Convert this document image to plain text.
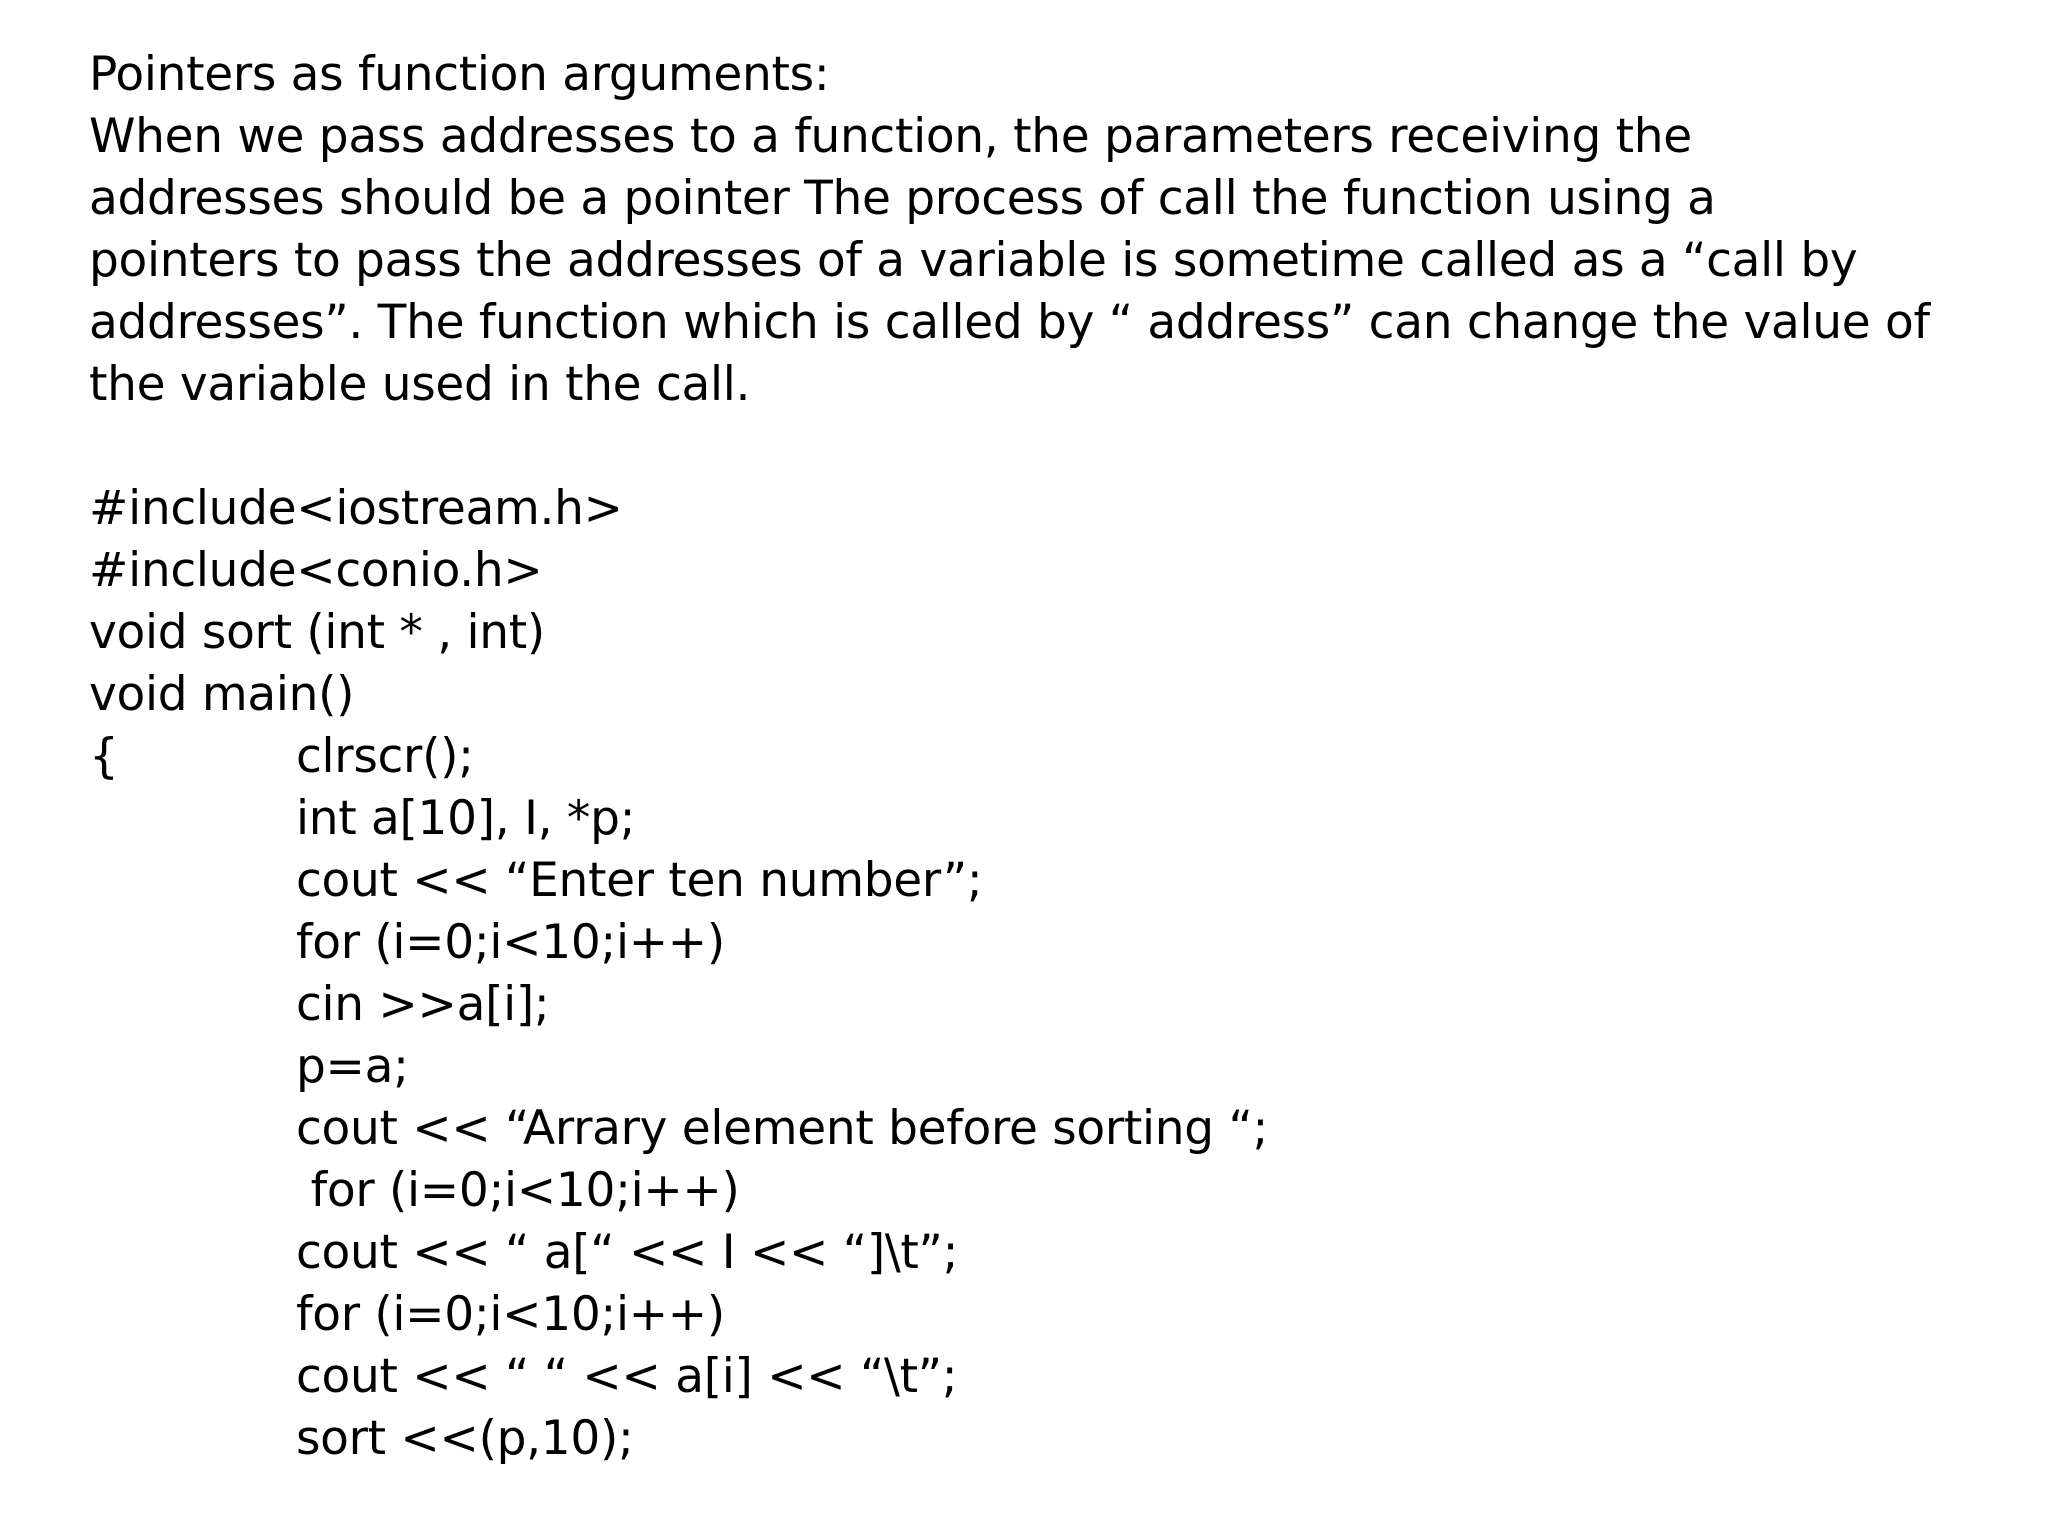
Pointers as function arguments:
When we pass addresses to a function, the parameters receiving the
addresses should be a pointer The process of call the function using a
pointers to pass the addresses of a variable is sometime called as a “call by
addresses”. The function which is called by “ address” can change the value of
the variable used in the call.
#include<iostream.h>
#include<conio.h>
void sort (int * , int)
void main()
{	clrscr();
int a[10], I, *p;
cout << “Enter ten number”;
for (i=0;i<10;i++)
cin >>a[i];
p=a;
cout << “Arrary element before sorting “;
for (i=0;i<10;i++)
cout << “ a[“ << I << “]\t”;
for (i=0;i<10;i++)
cout << “ “ << a[i] << “\t”;
sort <<(p,10);
